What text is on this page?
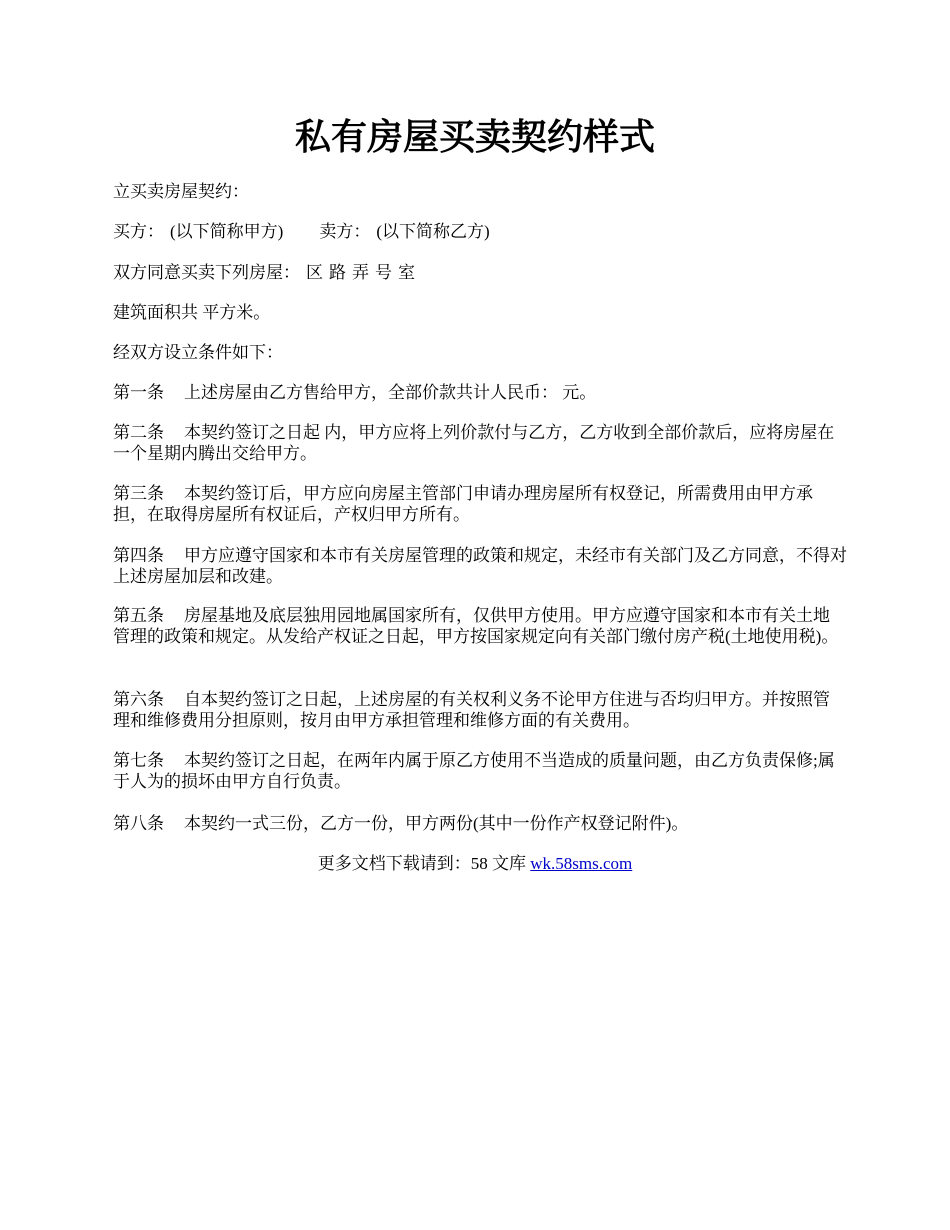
私有房屋买卖契约样式

立买卖房屋契约：

买方： (以下简称甲方) 卖方： (以下简称乙方)

双方同意买卖下列房屋： 区 路 弄 号 室

建筑面积共 平方米。

经双方设立条件如下：

第一条 上述房屋由乙方售给甲方，全部价款共计人民币： 元。

第二条 本契约签订之日起 内，甲方应将上列价款付与乙方，乙方收到全部价款后，应将房屋在一个星期内腾出交给甲方。

第三条 本契约签订后，甲方应向房屋主管部门申请办理房屋所有权登记，所需费用由甲方承担，在取得房屋所有权证后，产权归甲方所有。

第四条 甲方应遵守国家和本市有关房屋管理的政策和规定，未经市有关部门及乙方同意，不得对上述房屋加层和改建。

第五条 房屋基地及底层独用园地属国家所有，仅供甲方使用。甲方应遵守国家和本市有关土地管理的政策和规定。从发给产权证之日起，甲方按国家规定向有关部门缴付房产税(土地使用税)。

第六条 自本契约签订之日起，上述房屋的有关权利义务不论甲方住进与否均归甲方。并按照管理和维修费用分担原则，按月由甲方承担管理和维修方面的有关费用。

第七条 本契约签订之日起，在两年内属于原乙方使用不当造成的质量问题，由乙方负责保修;属于人为的损坏由甲方自行负责。

第八条 本契约一式三份，乙方一份，甲方两份(其中一份作产权登记附件)。

更多文档下载请到：58 文库 wk.58sms.com
